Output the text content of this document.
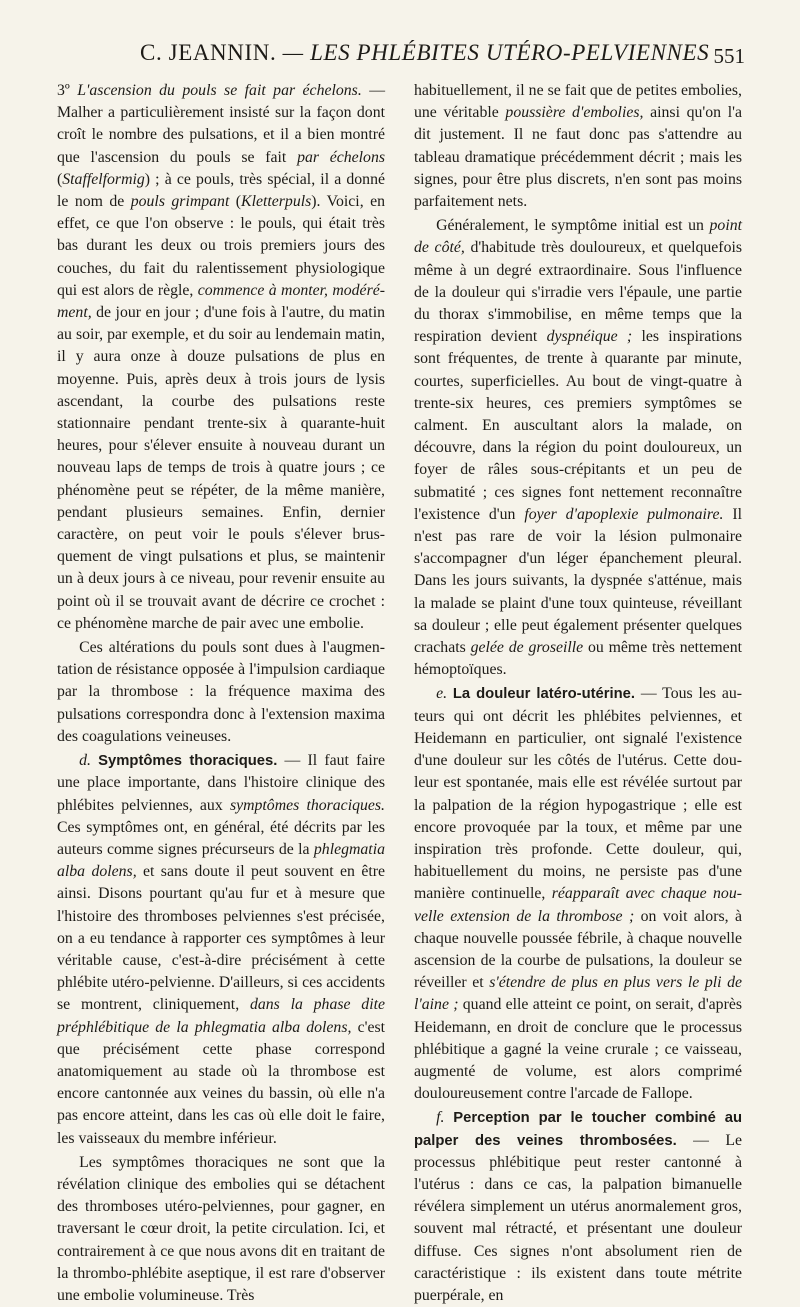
C. JEANNIN. — LES PHLÉBITES UTÉRO-PELVIENNES 551

3º L'ascension du pouls se fait par échelons. — Malher a particulièrement insisté sur la façon dont croît le nombre des pulsations, et il a bien montré que l'ascension du pouls se fait par échelons (Staffelformig) ; à ce pouls, très spécial, il a donné le nom de pouls grimpant (Kletterpuls). Voici, en effet, ce que l'on observe : le pouls, qui était très bas durant les deux ou trois premiers jours des couches, du fait du ralentissement physiologique qui est alors de règle, commence à monter, modérément, de jour en jour ; d'une fois à l'autre, du matin au soir, par exemple, et du soir au lendemain matin, il y aura onze à douze pulsations de plus en moyenne. Puis, après deux à trois jours de lysis ascendant, la courbe des pulsations reste stationnaire pendant trente-six à quarante-huit heures, pour s'élever ensuite à nouveau durant un nouveau laps de temps de trois à quatre jours ; ce phénomène peut se répéter, de la même manière, pendant plusieurs semaines. Enfin, dernier caractère, on peut voir le pouls s'élever brusquement de vingt pulsations et plus, se maintenir un à deux jours à ce niveau, pour revenir ensuite au point où il se trouvait avant de décrire ce crochet : ce phénomène marche de pair avec une embolie.

Ces altérations du pouls sont dues à l'augmentation de résistance opposée à l'impulsion cardiaque par la thrombose : la fréquence maxima des pulsations correspondra donc à l'extension maxima des coagulations veineuses.

d. Symptômes thoraciques. — Il faut faire une place importante, dans l'histoire clinique des phlébites pelviennes, aux symptômes thoraciques. Ces symptômes ont, en général, été décrits par les auteurs comme signes précurseurs de la phlegmatia alba dolens, et sans doute il peut souvent en être ainsi. Disons pourtant qu'au fur et à mesure que l'histoire des thromboses pelviennes s'est précisée, on a eu tendance à rapporter ces symptômes à leur véritable cause, c'est-à-dire précisément à cette phlébite utéro-pelvienne. D'ailleurs, si ces accidents se montrent, cliniquement, dans la phase dite préphlébitique de la phlegmatia alba dolens, c'est que précisément cette phase correspond anatomiquement au stade où la thrombose est encore cantonnée aux veines du bassin, où elle n'a pas encore atteint, dans les cas où elle doit le faire, les vaisseaux du membre inférieur.

Les symptômes thoraciques ne sont que la révélation clinique des embolies qui se détachent des thromboses utéro-pelviennes, pour gagner, en traversant le cœur droit, la petite circulation. Ici, et contrairement à ce que nous avons dit en traitant de la thrombo-phlébite aseptique, il est rare d'observer une embolie volumineuse. Très

habituellement, il ne se fait que de petites embolies, une véritable poussière d'embolies, ainsi qu'on l'a dit justement. Il ne faut donc pas s'attendre au tableau dramatique précédemment décrit ; mais les signes, pour être plus discrets, n'en sont pas moins parfaitement nets.

Généralement, le symptôme initial est un point de côté, d'habitude très douloureux, et quelquefois même à un degré extraordinaire. Sous l'influence de la douleur qui s'irradie vers l'épaule, une partie du thorax s'immobilise, en même temps que la respiration devient dyspnéique ; les inspirations sont fréquentes, de trente à quarante par minute, courtes, superficielles. Au bout de vingt-quatre à trente-six heures, ces premiers symptômes se calment. En auscultant alors la malade, on découvre, dans la région du point douloureux, un foyer de râles sous-crépitants et un peu de submatité ; ces signes font nettement reconnaître l'existence d'un foyer d'apoplexie pulmonaire. Il n'est pas rare de voir la lésion pulmonaire s'accompagner d'un léger épanchement pleural. Dans les jours suivants, la dyspnée s'atténue, mais la malade se plaint d'une toux quinteuse, réveillant sa douleur ; elle peut également présenter quelques crachats gelée de groseille ou même très nettement hémoptoïques.

e. La douleur latéro-utérine. — Tous les auteurs qui ont décrit les phlébites pelviennes, et Heidemann en particulier, ont signalé l'existence d'une douleur sur les côtés de l'utérus. Cette douleur est spontanée, mais elle est révélée surtout par la palpation de la région hypogastrique ; elle est encore provoquée par la toux, et même par une inspiration très profonde. Cette douleur, qui, habituellement du moins, ne persiste pas d'une manière continuelle, réapparaît avec chaque nouvelle extension de la thrombose ; on voit alors, à chaque nouvelle poussée fébrile, à chaque nouvelle ascension de la courbe de pulsations, la douleur se réveiller et s'étendre de plus en plus vers le pli de l'aine ; quand elle atteint ce point, on serait, d'après Heidemann, en droit de conclure que le processus phlébitique a gagné la veine crurale ; ce vaisseau, augmenté de volume, est alors comprimé douloureusement contre l'arcade de Fallope.

f. Perception par le toucher combiné au palper des veines thrombosées. — Le processus phlébitique peut rester cantonné à l'utérus : dans ce cas, la palpation bimanuelle révélera simplement un utérus anormalement gros, souvent mal rétracté, et présentant une douleur diffuse. Ces signes n'ont absolument rien de caractéristique : ils existent dans toute métrite puerpérale, en
